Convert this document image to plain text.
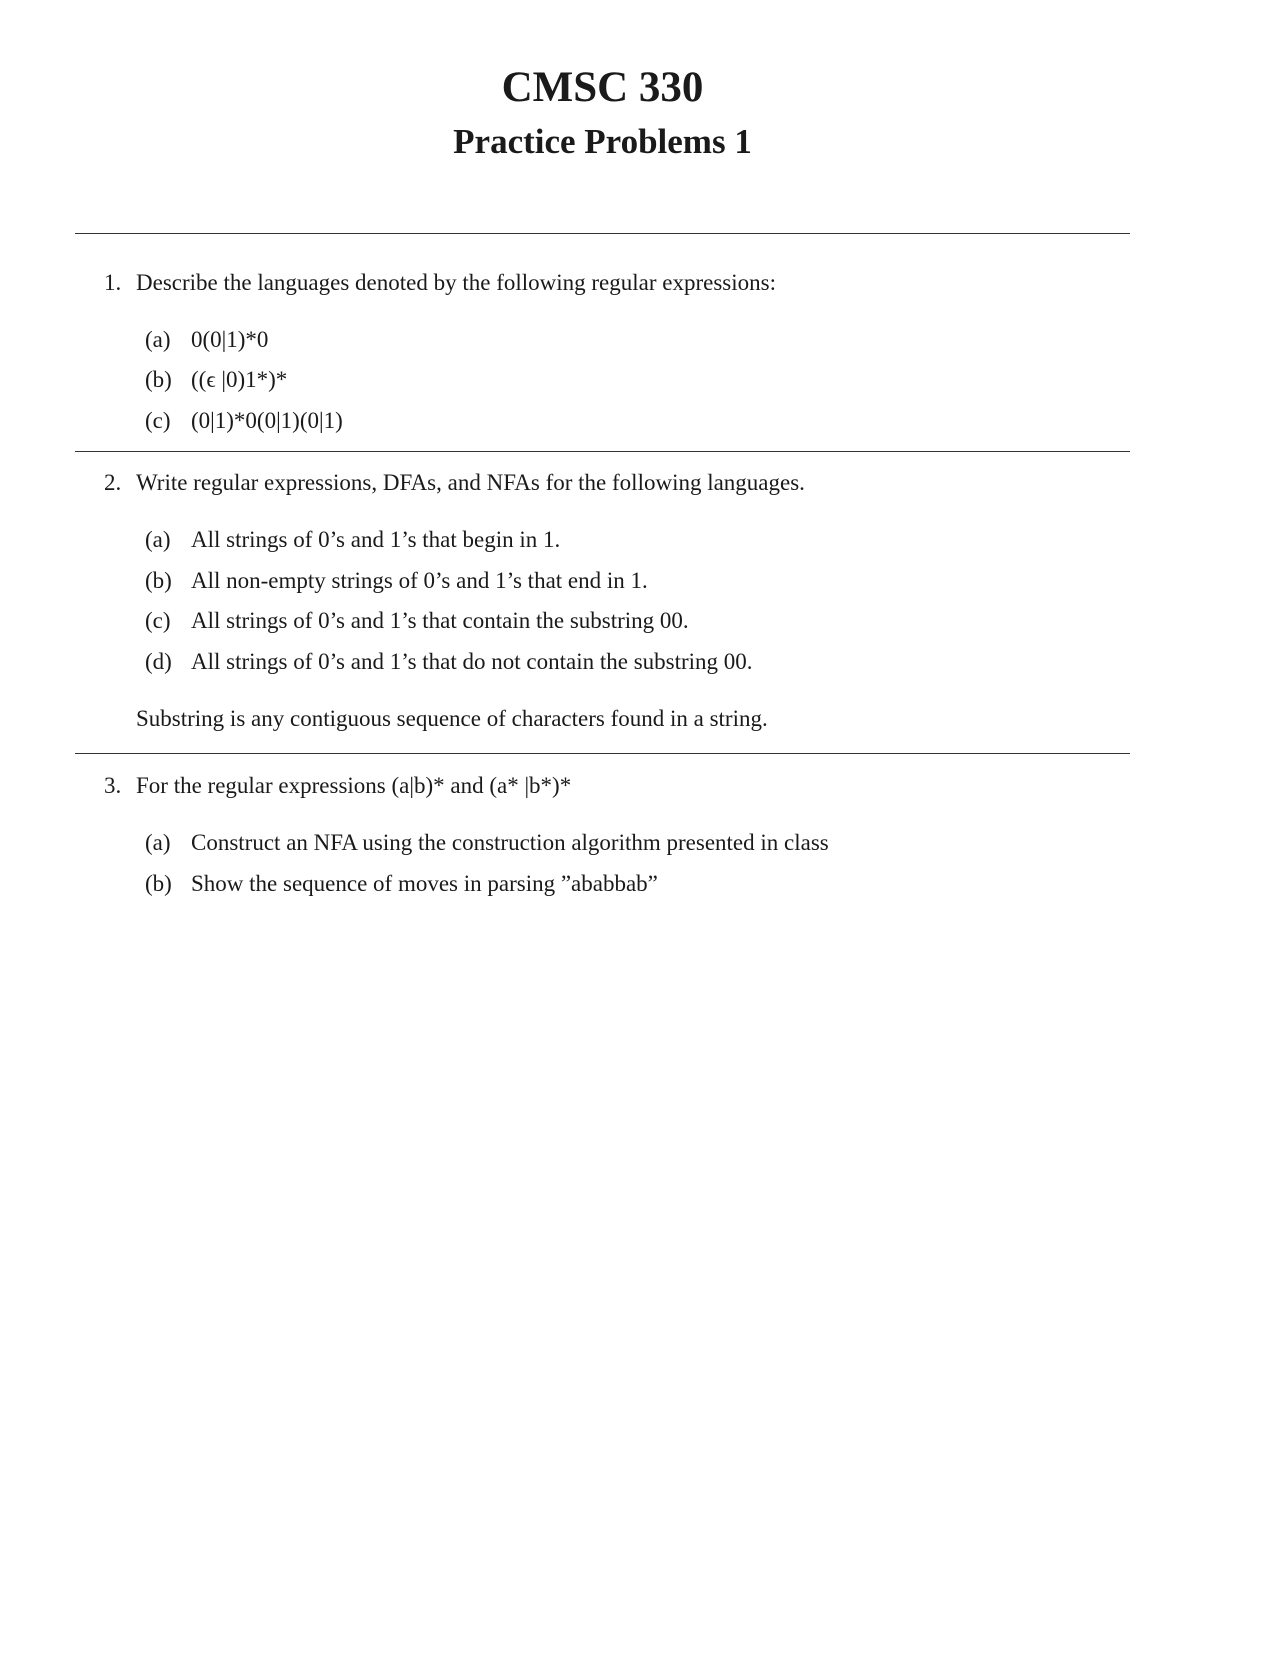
CMSC 330
Practice Problems 1
1. Describe the languages denoted by the following regular expressions:
(a) 0(0|1)*0
(b) ((ϵ |0)1*)*
(c) (0|1)*0(0|1)(0|1)
2. Write regular expressions, DFAs, and NFAs for the following languages.
(a) All strings of 0’s and 1’s that begin in 1.
(b) All non-empty strings of 0’s and 1’s that end in 1.
(c) All strings of 0’s and 1’s that contain the substring 00.
(d) All strings of 0’s and 1’s that do not contain the substring 00.
Substring is any contiguous sequence of characters found in a string.
3. For the regular expressions (a|b)* and (a* |b*)*
(a) Construct an NFA using the construction algorithm presented in class
(b) Show the sequence of moves in parsing ”ababbab”
